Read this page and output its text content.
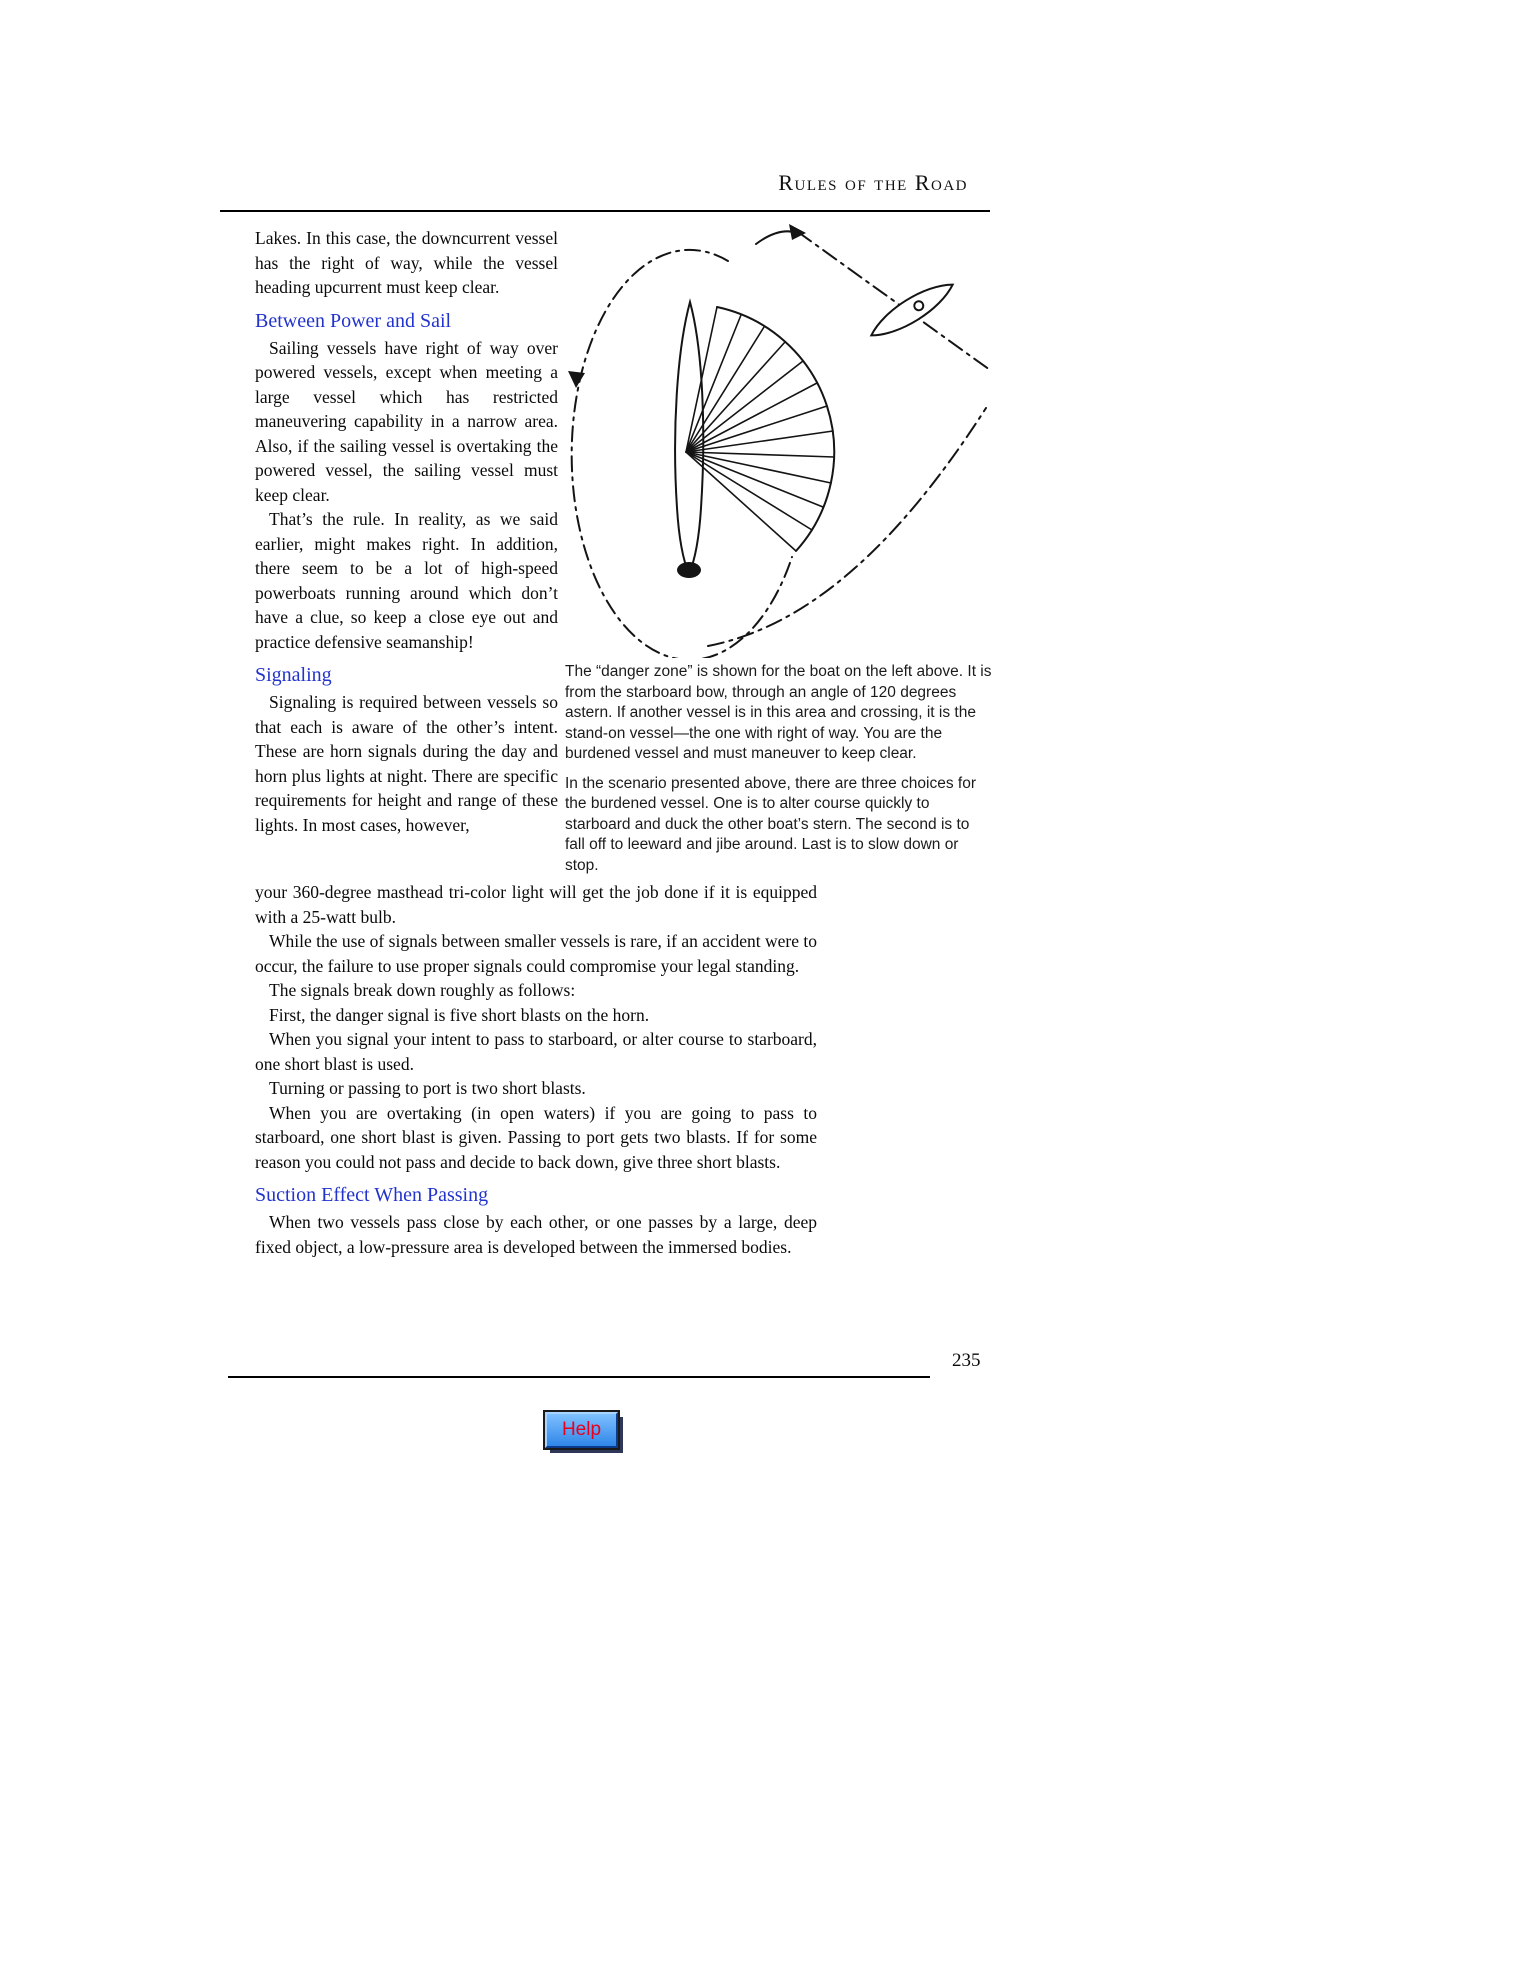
Rules of the Road

Lakes. In this case, the downcurrent vessel has the right of way, while the vessel heading upcurrent must keep clear.

Between Power and Sail

Sailing vessels have right of way over powered vessels, except when meeting a large vessel which has restricted maneuvering capability in a narrow area. Also, if the sailing vessel is overtaking the powered vessel, the sailing vessel must keep clear.

That’s the rule. In reality, as we said earlier, might makes right. In addition, there seem to be a lot of high-speed powerboats running around which don’t have a clue, so keep a close eye out and practice defensive seamanship!

Signaling

Signaling is required between vessels so that each is aware of the other’s intent. These are horn signals during the day and horn plus lights at night. There are specific requirements for height and range of these lights. In most cases, however,

The “danger zone” is shown for the boat on the left above. It is from the starboard bow, through an angle of 120 degrees astern. If another vessel is in this area and crossing, it is the stand-on vessel—the one with right of way. You are the burdened vessel and must maneuver to keep clear.

In the scenario presented above, there are three choices for the burdened vessel. One is to alter course quickly to starboard and duck the other boat’s stern. The second is to fall off to leeward and jibe around. Last is to slow down or stop.

your 360-degree masthead tri-color light will get the job done if it is equipped with a 25-watt bulb.

While the use of signals between smaller vessels is rare, if an accident were to occur, the failure to use proper signals could compromise your legal standing.

The signals break down roughly as follows:

First, the danger signal is five short blasts on the horn.

When you signal your intent to pass to starboard, or alter course to starboard, one short blast is used.

Turning or passing to port is two short blasts.

When you are overtaking (in open waters) if you are going to pass to starboard, one short blast is given. Passing to port gets two blasts. If for some reason you could not pass and decide to back down, give three short blasts.

Suction Effect When Passing

When two vessels pass close by each other, or one passes by a large, deep fixed object, a low-pressure area is developed between the immersed bodies.

235
Help
